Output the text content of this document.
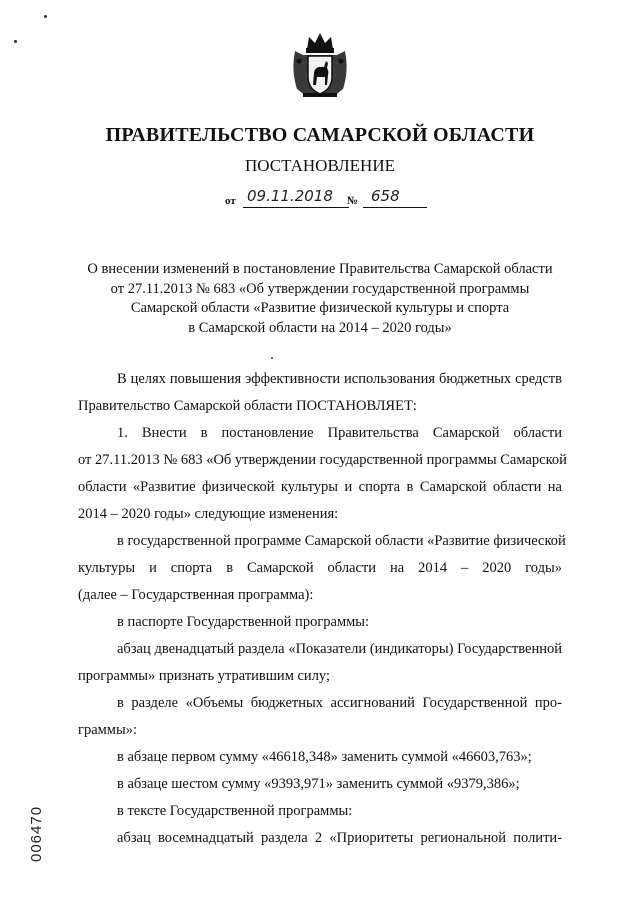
ПРАВИТЕЛЬСТВО САМАРСКОЙ ОБЛАСТИ
ПОСТАНОВЛЕНИЕ
от 09.11.2018 № 658
О внесении изменений в постановление Правительства Самарской области
от 27.11.2013 № 683 «Об утверждении государственной программы
Самарской области «Развитие физической культуры и спорта
в Самарской области на 2014 – 2020 годы»
В целях повышения эффективности использования бюджетных средств
Правительство Самарской области ПОСТАНОВЛЯЕТ:
1. Внести в постановление Правительства Самарской области
от 27.11.2013 № 683 «Об утверждении государственной программы Самарской
области «Развитие физической культуры и спорта в Самарской области на
2014 – 2020 годы» следующие изменения:
в государственной программе Самарской области «Развитие физической
культуры и спорта в Самарской области на 2014 – 2020 годы»
(далее – Государственная программа):
в паспорте Государственной программы:
абзац двенадцатый раздела «Показатели (индикаторы) Государственной
программы» признать утратившим силу;
в разделе «Объемы бюджетных ассигнований Государственной про-
граммы»:
в абзаце первом сумму «46618,348» заменить суммой «46603,763»;
в абзаце шестом сумму «9393,971» заменить суммой «9379,386»;
в тексте Государственной программы:
абзац восемнадцатый раздела 2 «Приоритеты региональной полити-
006470
